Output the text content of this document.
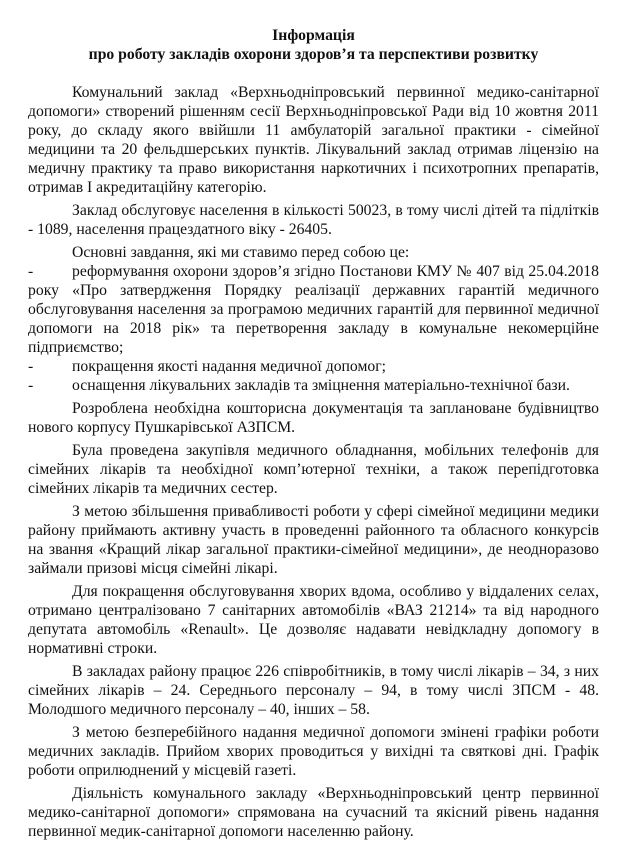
Інформація

про роботу закладів охорони здоров’я та перспективи розвитку

Комунальний заклад «Верхньодніпровський первинної медико-санітарної допомоги» створений рішенням сесії Верхньодніпровської Ради від 10 жовтня 2011 року, до складу якого ввійшли 11 амбулаторій загальної практики - сімейної медицини та 20 фельдшерських пунктів. Лікувальний заклад отримав ліцензію на медичну практику та право використання наркотичних і психотропних препаратів, отримав I акредитаційну категорію.

Заклад обслуговує населення в кількості 50023, в тому числі дітей та підлітків - 1089, населення працездатного віку - 26405.

Основні завдання, які ми ставимо перед собою це:

- реформування охорони здоров’я згідно Постанови КМУ № 407 від 25.04.2018 року «Про затвердження Порядку реалізації державних гарантій медичного обслуговування населення за програмою медичних гарантій для первинної медичної допомоги на 2018 рік» та перетворення закладу в комунальне некомерційне підприємство;

- покращення якості надання медичної допомог;

- оснащення лікувальних закладів та зміцнення матеріально-технічної бази.

Розроблена необхідна кошторисна документація та заплановане будівництво нового корпусу Пушкарівської АЗПСМ.

Була проведена закупівля медичного обладнання, мобільних телефонів для сімейних лікарів та необхідної комп’ютерної техніки, а також перепідготовка сімейних лікарів та медичних сестер.

З метою збільшення привабливості роботи у сфері сімейної медицини медики району приймають активну участь в проведенні районного та обласного конкурсів на звання «Кращий лікар загальної практики-сімейної медицини», де неодноразово займали призові місця сімейні лікарі.

Для покращення обслуговування хворих вдома, особливо у віддалених селах, отримано централізовано 7 санітарних автомобілів «ВАЗ 21214» та від народного депутата автомобіль «Renault». Це дозволяє надавати невідкладну допомогу в нормативні строки.

В закладах району працює 226 співробітників, в тому числі лікарів – 34, з них сімейних лікарів – 24. Середнього персоналу – 94, в тому числі ЗПСМ - 48. Молодшого медичного персоналу – 40, інших – 58.

З метою безперебійного надання медичної допомоги змінені графіки роботи медичних закладів. Прийом хворих проводиться у вихідні та святкові дні. Графік роботи оприлюднений у місцевій газеті.

Діяльність комунального закладу «Верхньодніпровський центр первинної медико-санітарної допомоги» спрямована на сучасний та якісний рівень надання первинної медик-санітарної допомоги населенню району.
